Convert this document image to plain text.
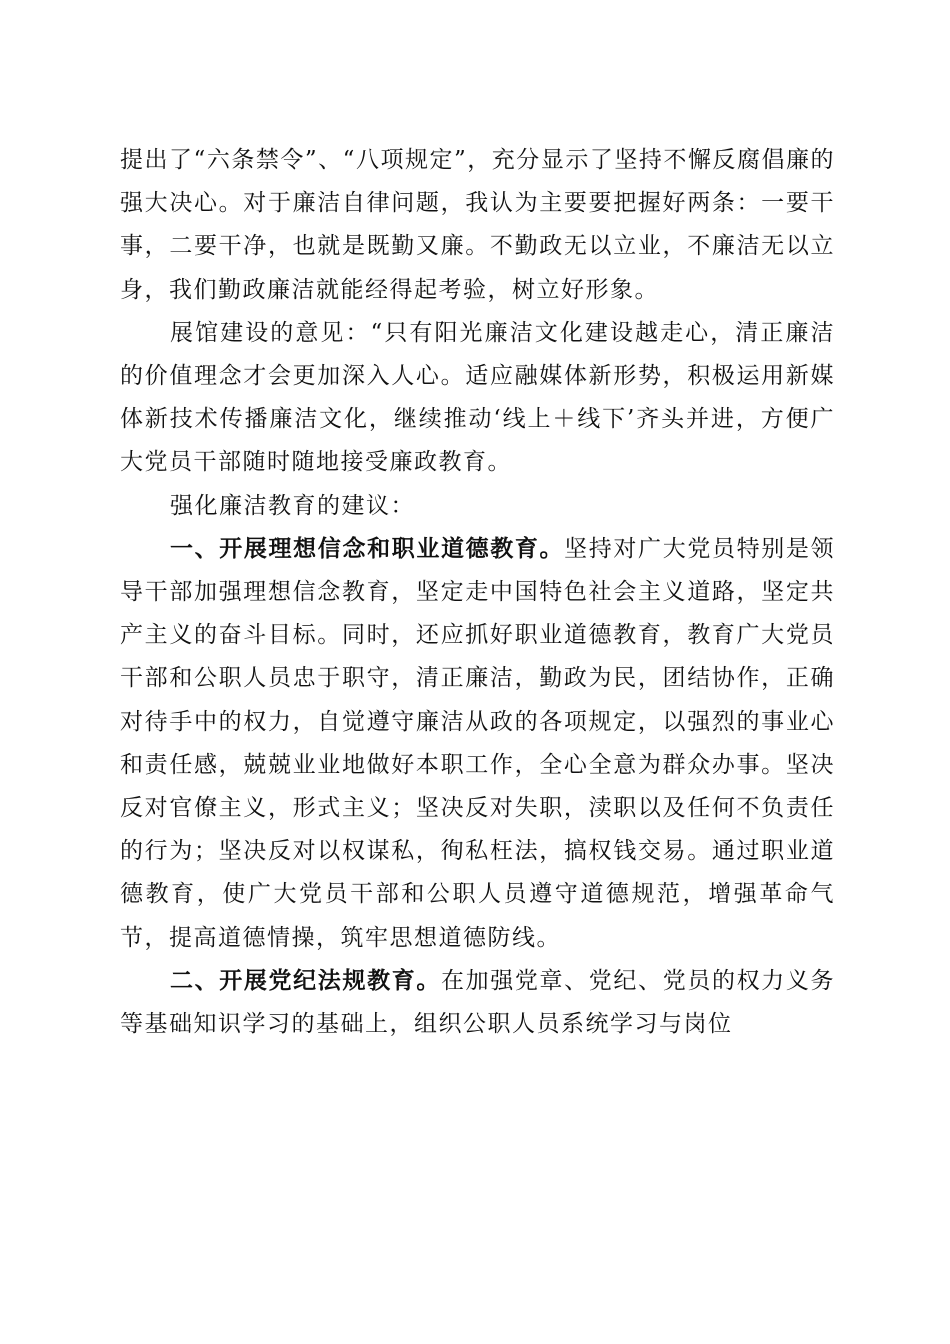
提出了“六条禁令”、“八项规定”，充分显示了坚持不懈反腐倡廉的强大决心。对于廉洁自律问题，我认为主要要把握好两条：一要干事，二要干净，也就是既勤又廉。不勤政无以立业，不廉洁无以立身，我们勤政廉洁就能经得起考验，树立好形象。

展馆建设的意见：“只有阳光廉洁文化建设越走心，清正廉洁的价值理念才会更加深入人心。适应融媒体新形势，积极运用新媒体新技术传播廉洁文化，继续推动‘线上＋线下’齐头并进，方便广大党员干部随时随地接受廉政教育。

强化廉洁教育的建议：

一、开展理想信念和职业道德教育。坚持对广大党员特别是领导干部加强理想信念教育，坚定走中国特色社会主义道路，坚定共产主义的奋斗目标。同时，还应抓好职业道德教育，教育广大党员干部和公职人员忠于职守，清正廉洁，勤政为民，团结协作，正确对待手中的权力，自觉遵守廉洁从政的各项规定，以强烈的事业心和责任感，兢兢业业地做好本职工作，全心全意为群众办事。坚决反对官僚主义，形式主义；坚决反对失职，渎职以及任何不负责任的行为；坚决反对以权谋私，徇私枉法，搞权钱交易。通过职业道德教育，使广大党员干部和公职人员遵守道德规范，增强革命气节，提高道德情操，筑牢思想道德防线。

二、开展党纪法规教育。在加强党章、党纪、党员的权力义务等基础知识学习的基础上，组织公职人员系统学习与岗位
